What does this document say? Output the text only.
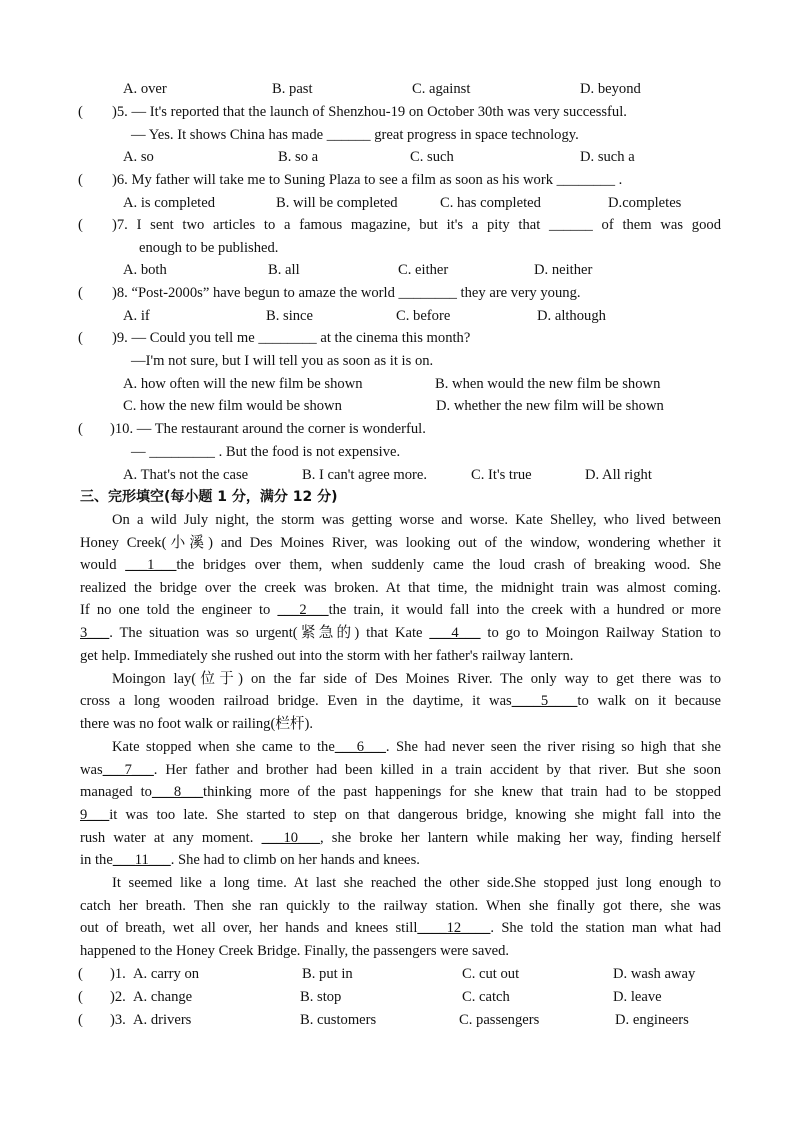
A. over	B. past	C. against	D. beyond
( )5. — It's reported that the launch of Shenzhou-19 on October 30th was very successful.
— Yes. It shows China has made ______ great progress in space technology.
A. so	B. so a	C. such	D. such a
( )6. My father will take me to Suning Plaza to see a film as soon as his work ________ .
A. is completed	B. will be completed	C. has completed	D.completes
( )7. I sent two articles to a famous magazine, but it's a pity that ______ of them was good
enough to be published.
A. both	B. all	C. either	D. neither
( )8. “Post-2000s” have begun to amaze the world ________ they are very young.
A. if	B. since	C. before	D. although
( )9. — Could you tell me ________ at the cinema this month?
—I'm not sure, but I will tell you as soon as it is on.
A. how often will the new film be shown	B. when would the new film be shown
C. how the new film would be shown	D. whether the new film will be shown
( )10. — The restaurant around the corner is wonderful.
— _________ . But the food is not expensive.
A. That's not the case	B. I can't agree more.	C. It's true	D. All right
三、完形填空(每小题 1 分，满分 12 分)
On a wild July night, the storm was getting worse and worse. Kate Shelley, who lived between
Honey Creek(小溪) and Des Moines River, was looking out of the window, wondering whether it
would ___1___the bridges over them, when suddenly came the loud crash of breaking wood. She
realized the bridge over the creek was broken. At that time, the midnight train was almost coming.
If no one told the engineer to ___2___the train, it would fall into the creek with a hundred or more
3___. The situation was so urgent(紧急的) that Kate ___4___ to go to Moingon Railway Station to
get help. Immediately she rushed out into the storm with her father's railway lantern.
Moingon lay(位于) on the far side of Des Moines River. The only way to get there was to
cross a long wooden railroad bridge. Even in the daytime, it was____5____to walk on it because
there was no foot walk or railing(栏杆).
Kate stopped when she came to the___6___. She had never seen the river rising so high that she
was___7___. Her father and brother had been killed in a train accident by that river. But she soon
managed to___8___thinking more of the past happenings for she knew that train had to be stopped
9___it was too late. She started to step on that dangerous bridge, knowing she might fall into the
rush water at any moment. ___10___, she broke her lantern while making her way, finding herself
in the___11___. She had to climb on her hands and knees.
It seemed like a long time. At last she reached the other side.She stopped just long enough to
catch her breath. Then she ran quickly to the railway station. When she finally got there, she was
out of breath, wet all over, her hands and knees still____12____. She told the station man what had
happened to the Honey Creek Bridge. Finally, the passengers were saved.
( )1. A. carry on	B. put in	C. cut out	D. wash away
( )2. A. change	B. stop	C. catch	D. leave
( )3. A. drivers	B. customers	C. passengers	D. engineers
